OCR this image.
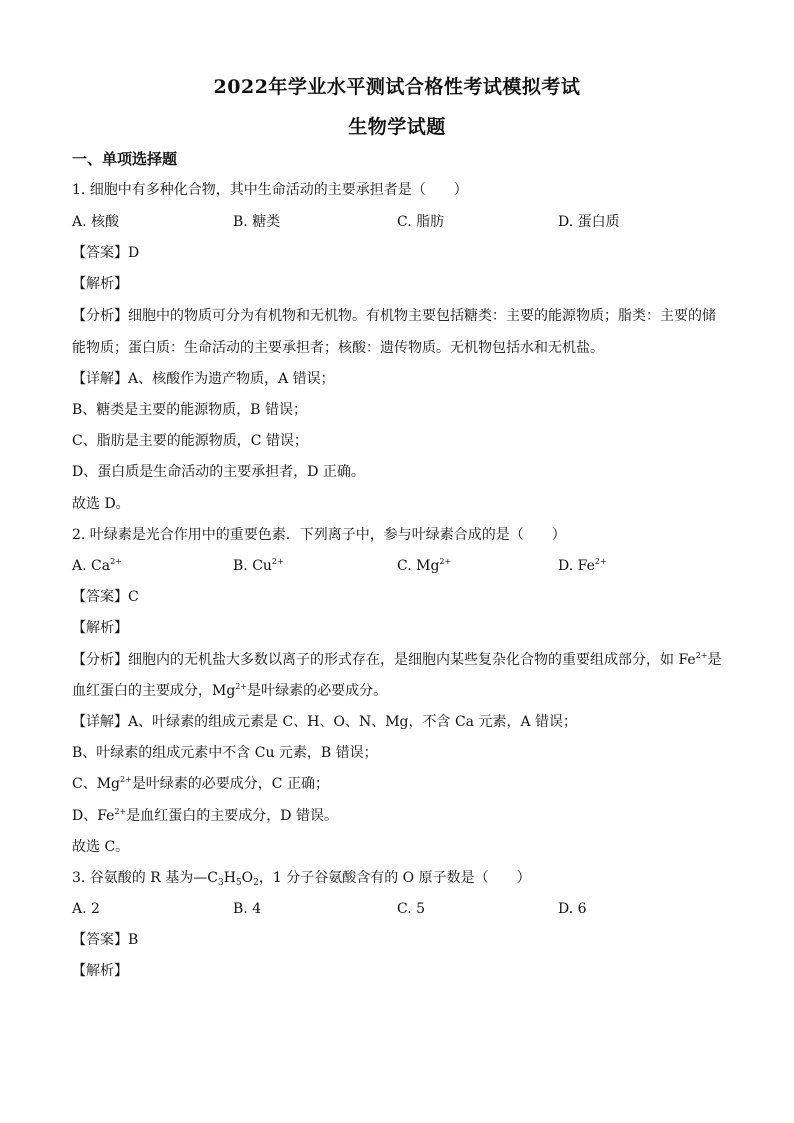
2022年学业水平测试合格性考试模拟考试
生物学试题
一、单项选择题
1. 细胞中有多种化合物，其中生命活动的主要承担者是（　　）
A. 核酸	B. 糖类	C. 脂肪	D. 蛋白质
【答案】D
【解析】
【分析】细胞中的物质可分为有机物和无机物。有机物主要包括糖类：主要的能源物质；脂类：主要的储
能物质；蛋白质：生命活动的主要承担者；核酸：遗传物质。无机物包括水和无机盐。
【详解】A、核酸作为遗产物质，A 错误；
B、糖类是主要的能源物质，B 错误；
C、脂肪是主要的能源物质，C 错误；
D、蛋白质是生命活动的主要承担者，D 正确。
故选 D。
2. 叶绿素是光合作用中的重要色素．下列离子中，参与叶绿素合成的是（　　）
A. $Ca^{2+}$	B. $Cu^{2+}$	C. $Mg^{2+}$	D. $Fe^{2+}$
【答案】C
【解析】
【分析】细胞内的无机盐大多数以离子的形式存在，是细胞内某些复杂化合物的重要组成部分，如 $Fe^{2+}$是
血红蛋白的主要成分，$Mg^{2+}$是叶绿素的必要成分。
【详解】A、叶绿素的组成元素是 C、H、O、N、Mg，不含 Ca 元素，A 错误；
B、叶绿素的组成元素中不含 Cu 元素，B 错误；
C、$Mg^{2+}$是叶绿素的必要成分，C 正确；
D、$Fe^{2+}$是血红蛋白的主要成分，D 错误。
故选 C。
3. 谷氨酸的 R 基为$—C_3H_5O_2$，1 分子谷氨酸含有的 O 原子数是（　　）
A. 2	B. 4	C. 5	D. 6
【答案】B
【解析】
